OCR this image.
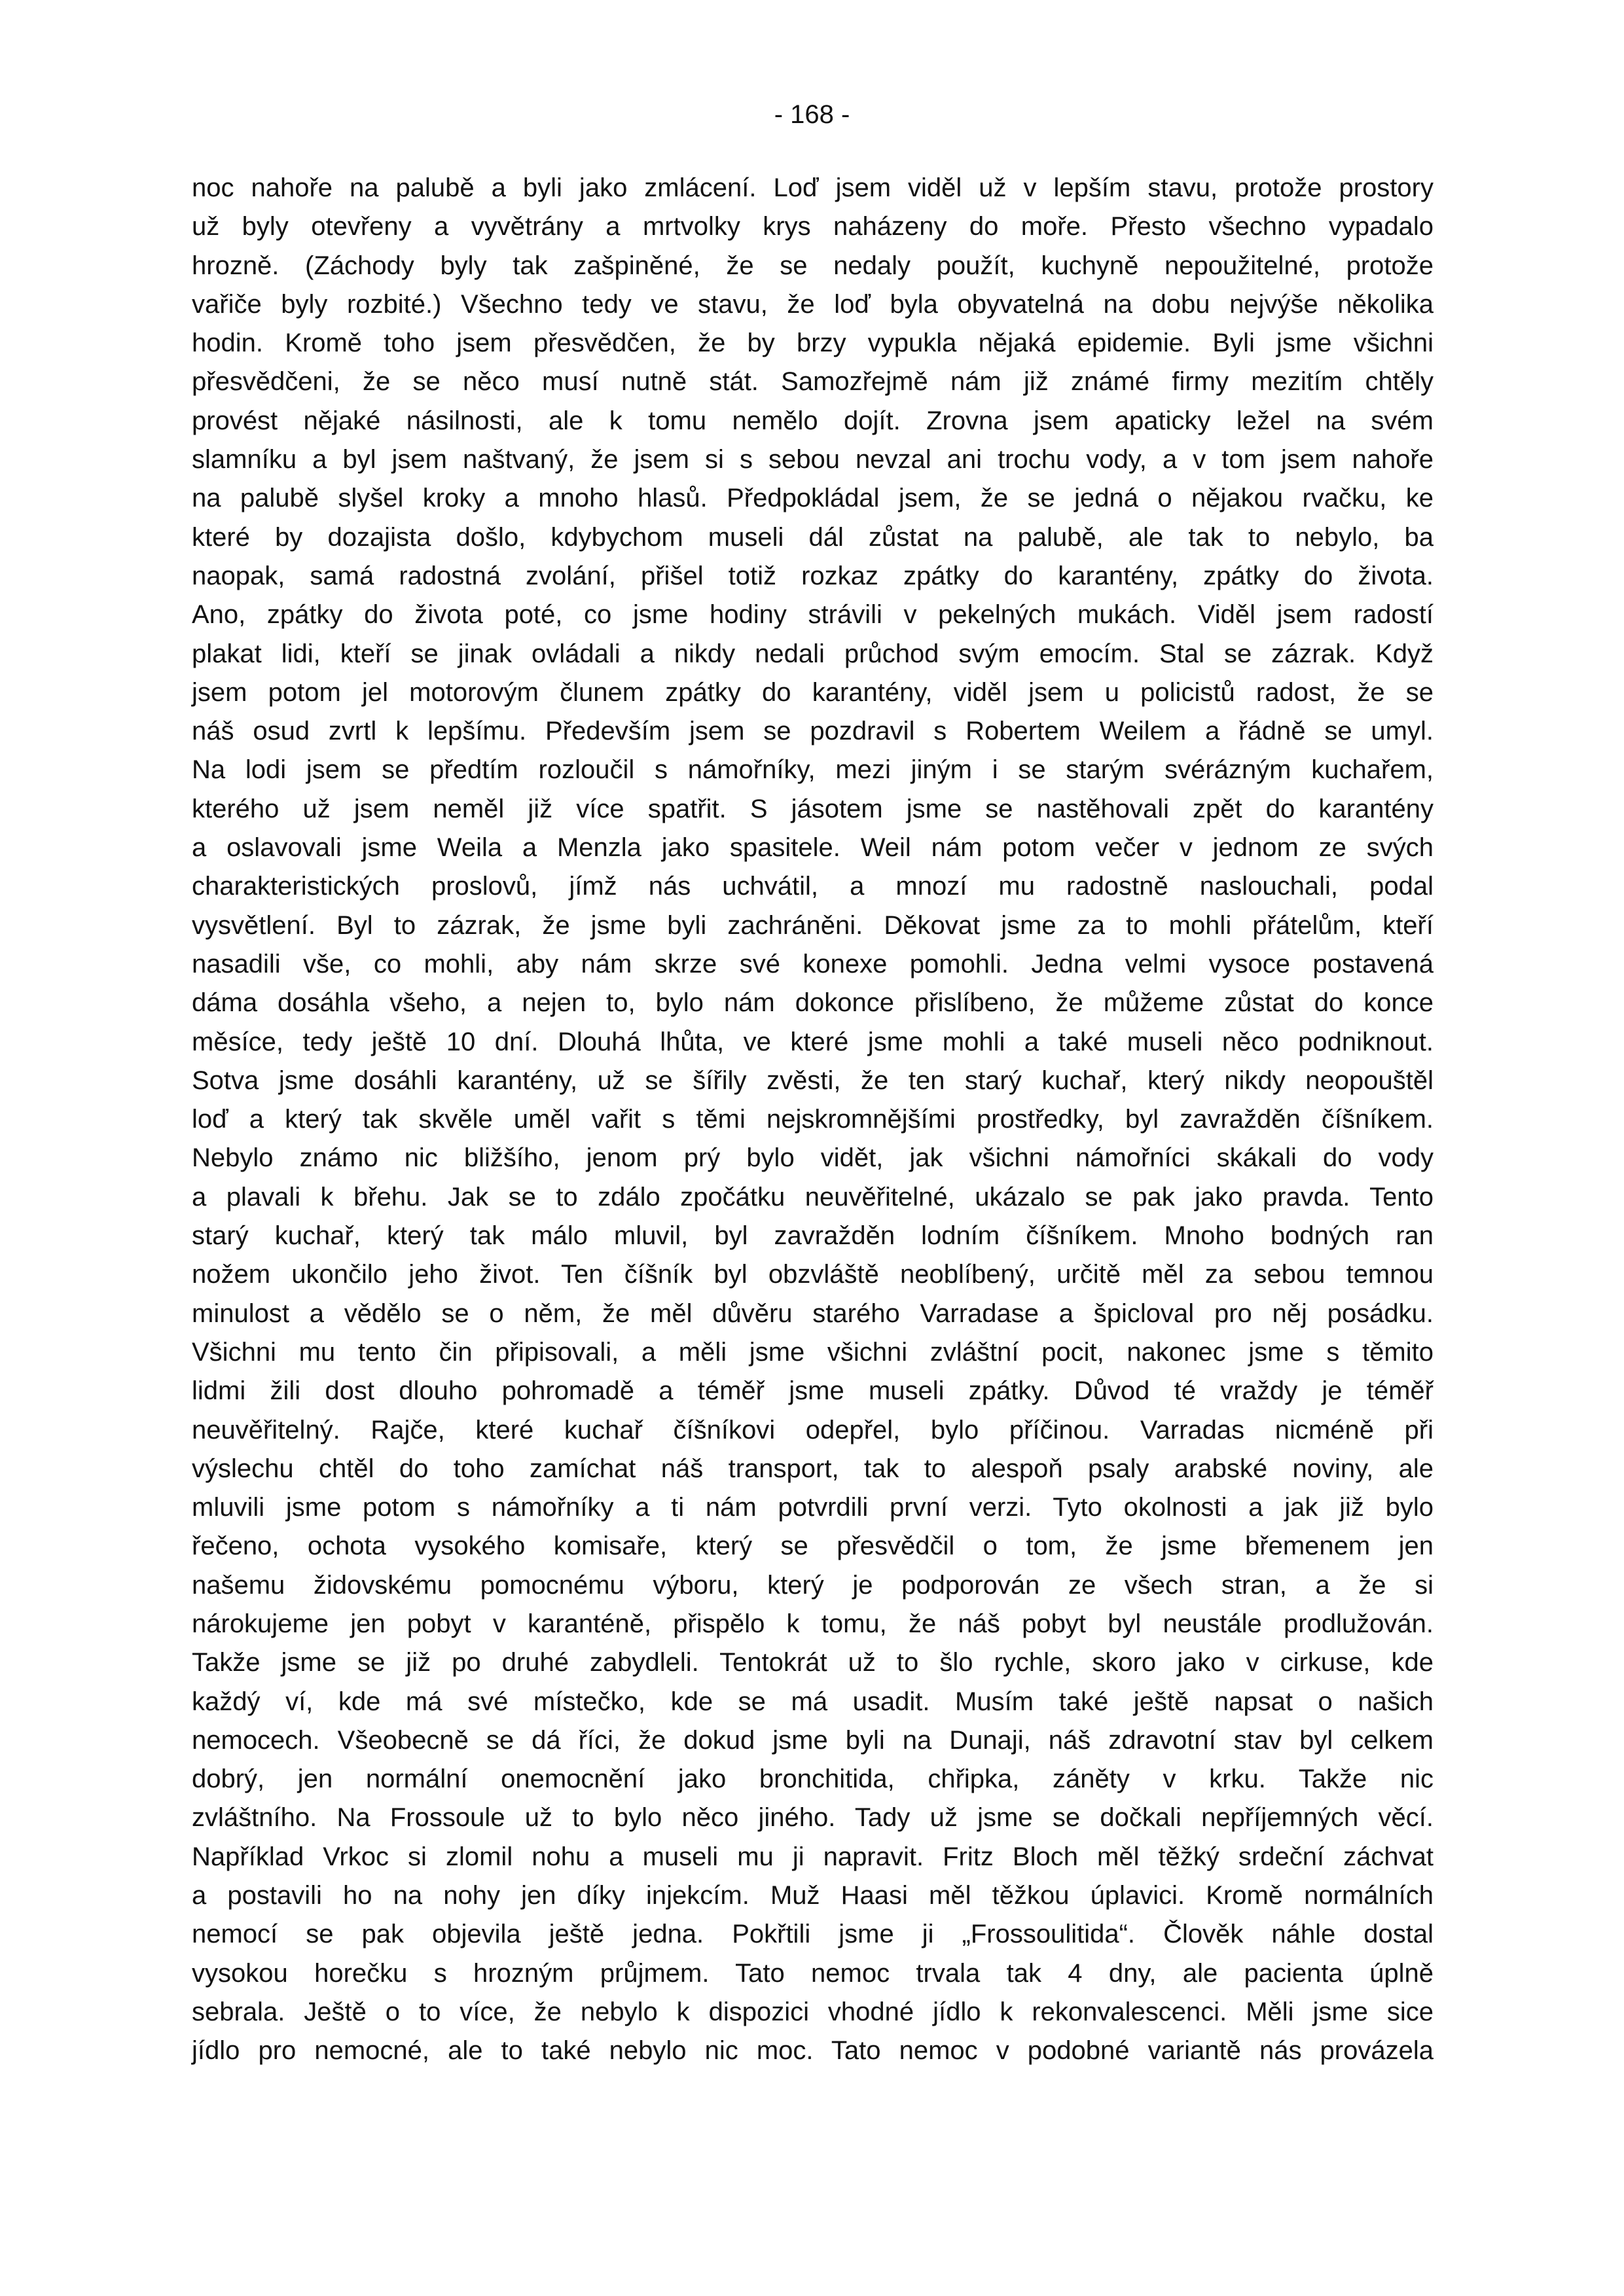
- 168 -
noc nahoře na palubě a byli jako zmlácení. Loď jsem viděl už v lepším stavu, protože prostory
už byly otevřeny a vyvětrány a mrtvolky krys naházeny do moře. Přesto všechno vypadalo
hrozně. (Záchody byly tak zašpiněné, že se nedaly použít, kuchyně nepoužitelné, protože
vařiče byly rozbité.) Všechno tedy ve stavu, že loď byla obyvatelná na dobu nejvýše několika
hodin. Kromě toho jsem přesvědčen, že by brzy vypukla nějaká epidemie. Byli jsme všichni
přesvědčeni, že se něco musí nutně stát. Samozřejmě nám již známé firmy mezitím chtěly
provést nějaké násilnosti, ale k tomu nemělo dojít. Zrovna jsem apaticky ležel na svém
slamníku a byl jsem naštvaný, že jsem si s sebou nevzal ani trochu vody, a v tom jsem nahoře
na palubě slyšel kroky a mnoho hlasů. Předpokládal jsem, že se jedná o nějakou rvačku, ke
které by dozajista došlo, kdybychom museli dál zůstat na palubě, ale tak to nebylo, ba
naopak, samá radostná zvolání, přišel totiž rozkaz zpátky do karantény, zpátky do života.
Ano, zpátky do života poté, co jsme hodiny strávili v pekelných mukách. Viděl jsem radostí
plakat lidi, kteří se jinak ovládali a nikdy nedali průchod svým emocím. Stal se zázrak. Když
jsem potom jel motorovým člunem zpátky do karantény, viděl jsem u policistů radost, že se
náš osud zvrtl k lepšímu. Především jsem se pozdravil s Robertem Weilem a řádně se umyl.
Na lodi jsem se předtím rozloučil s námořníky, mezi jiným i se starým svérázným kuchařem,
kterého už jsem neměl již více spatřit. S jásotem jsme se nastěhovali zpět do karantény
a oslavovali jsme Weila a Menzla jako spasitele. Weil nám potom večer v jednom ze svých
charakteristických proslovů, jímž nás uchvátil, a mnozí mu radostně naslouchali, podal
vysvětlení. Byl to zázrak, že jsme byli zachráněni. Děkovat jsme za to mohli přátelům, kteří
nasadili vše, co mohli, aby nám skrze své konexe pomohli. Jedna velmi vysoce postavená
dáma dosáhla všeho, a nejen to, bylo nám dokonce přislíbeno, že můžeme zůstat do konce
měsíce, tedy ještě 10 dní. Dlouhá lhůta, ve které jsme mohli a také museli něco podniknout.
Sotva jsme dosáhli karantény, už se šířily zvěsti, že ten starý kuchař, který nikdy neopouštěl
loď a který tak skvěle uměl vařit s těmi nejskromnějšími prostředky, byl zavražděn číšníkem.
Nebylo známo nic bližšího, jenom prý bylo vidět, jak všichni námořníci skákali do vody
a plavali k břehu. Jak se to zdálo zpočátku neuvěřitelné, ukázalo se pak jako pravda. Tento
starý kuchař, který tak málo mluvil, byl zavražděn lodním číšníkem. Mnoho bodných ran
nožem ukončilo jeho život. Ten číšník byl obzvláště neoblíbený, určitě měl za sebou temnou
minulost a vědělo se o něm, že měl důvěru starého Varradase a špicloval pro něj posádku.
Všichni mu tento čin připisovali, a měli jsme všichni zvláštní pocit, nakonec jsme s těmito
lidmi žili dost dlouho pohromadě a téměř jsme museli zpátky. Důvod té vraždy je téměř
neuvěřitelný. Rajče, které kuchař číšníkovi odepřel, bylo příčinou. Varradas nicméně při
výslechu chtěl do toho zamíchat náš transport, tak to alespoň psaly arabské noviny, ale
mluvili jsme potom s námořníky a ti nám potvrdili první verzi. Tyto okolnosti a jak již bylo
řečeno, ochota vysokého komisaře, který se přesvědčil o tom, že jsme břemenem jen
našemu židovskému pomocnému výboru, který je podporován ze všech stran, a že si
nárokujeme jen pobyt v karanténě, přispělo k tomu, že náš pobyt byl neustále prodlužován.
Takže jsme se již po druhé zabydleli. Tentokrát už to šlo rychle, skoro jako v cirkuse, kde
každý ví, kde má své místečko, kde se má usadit. Musím také ještě napsat o našich
nemocech. Všeobecně se dá říci, že dokud jsme byli na Dunaji, náš zdravotní stav byl celkem
dobrý, jen normální onemocnění jako bronchitida, chřipka, záněty v krku. Takže nic
zvláštního. Na Frossoule už to bylo něco jiného. Tady už jsme se dočkali nepříjemných věcí.
Například Vrkoc si zlomil nohu a museli mu ji napravit. Fritz Bloch měl těžký srdeční záchvat
a postavili ho na nohy jen díky injekcím. Muž Haasi měl těžkou úplavici. Kromě normálních
nemocí se pak objevila ještě jedna. Pokřtili jsme ji „Frossoulitida“. Člověk náhle dostal
vysokou horečku s hrozným průjmem. Tato nemoc trvala tak 4 dny, ale pacienta úplně
sebrala. Ještě o to více, že nebylo k dispozici vhodné jídlo k rekonvalescenci. Měli jsme sice
jídlo pro nemocné, ale to také nebylo nic moc. Tato nemoc v podobné variantě nás provázela
